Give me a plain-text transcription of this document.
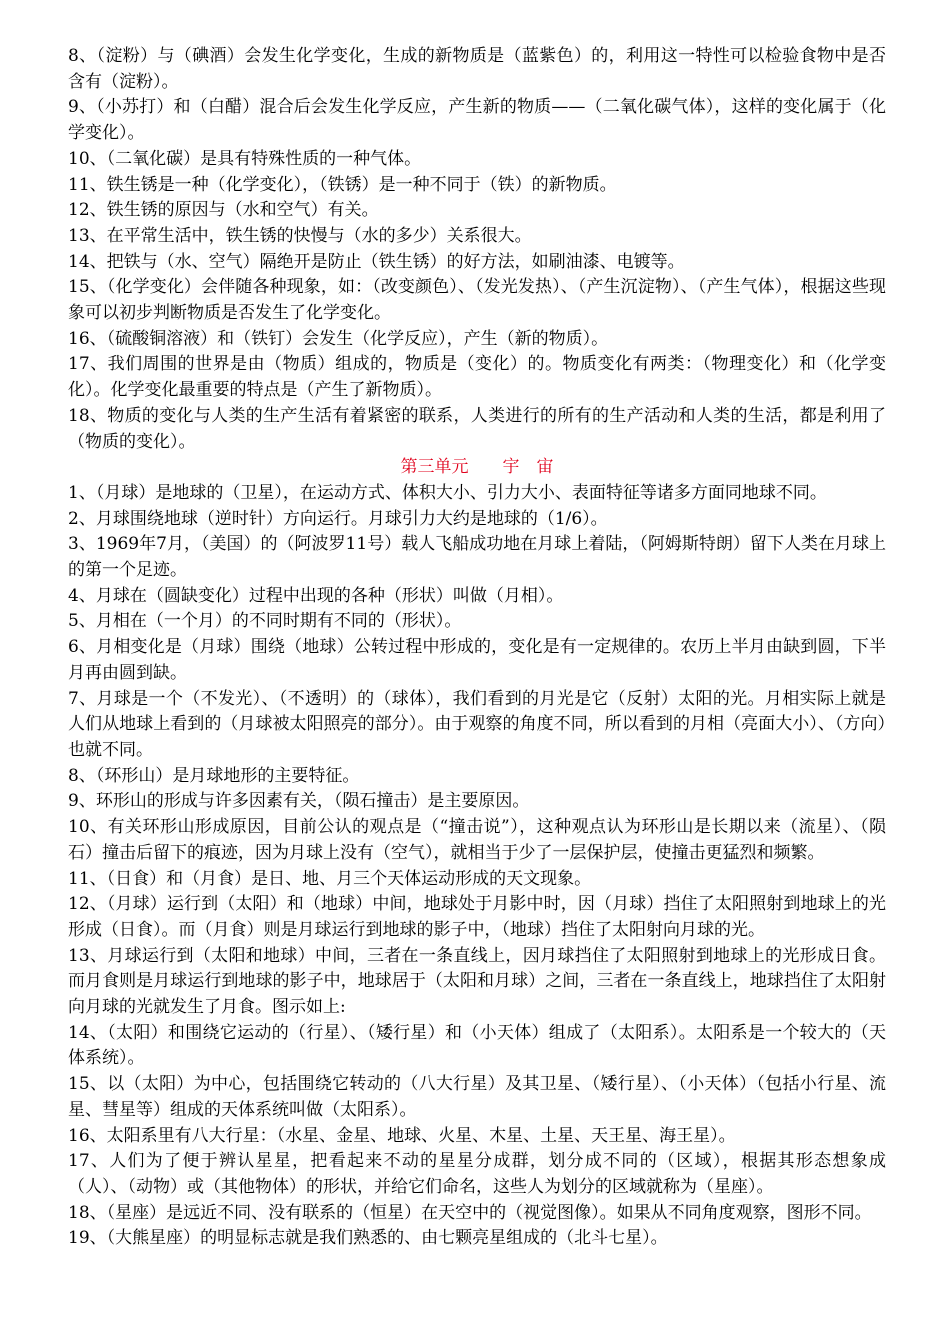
8、（淀粉）与（碘酒）会发生化学变化，生成的新物质是（蓝紫色）的，利用这一特性可以检验食物中是否含有（淀粉）。

9、（小苏打）和（白醋）混合后会发生化学反应，产生新的物质——（二氧化碳气体），这样的变化属于（化学变化）。

10、（二氧化碳）是具有特殊性质的一种气体。

11、铁生锈是一种（化学变化），（铁锈）是一种不同于（铁）的新物质。

12、铁生锈的原因与（水和空气）有关。

13、在平常生活中，铁生锈的快慢与（水的多少）关系很大。

14、把铁与（水、空气）隔绝开是防止（铁生锈）的好方法，如刷油漆、电镀等。

15、（化学变化）会伴随各种现象，如：（改变颜色）、（发光发热）、（产生沉淀物）、（产生气体），根据这些现象可以初步判断物质是否发生了化学变化。

16、（硫酸铜溶液）和（铁钉）会发生（化学反应），产生（新的物质）。

17、我们周围的世界是由（物质）组成的，物质是（变化）的。物质变化有两类：（物理变化）和（化学变化）。化学变化最重要的特点是（产生了新物质）。

18、物质的变化与人类的生产生活有着紧密的联系，人类进行的所有的生产活动和人类的生活，都是利用了（物质的变化）。

第三单元 宇 宙

1、（月球）是地球的（卫星），在运动方式、体积大小、引力大小、表面特征等诸多方面同地球不同。

2、月球围绕地球（逆时针）方向运行。月球引力大约是地球的（1/6）。

3、1969年7月，（美国）的（阿波罗11号）载人飞船成功地在月球上着陆，（阿姆斯特朗）留下人类在月球上的第一个足迹。

4、月球在（圆缺变化）过程中出现的各种（形状）叫做（月相）。

5、月相在（一个月）的不同时期有不同的（形状）。

6、月相变化是（月球）围绕（地球）公转过程中形成的，变化是有一定规律的。农历上半月由缺到圆，下半月再由圆到缺。

7、月球是一个（不发光）、（不透明）的（球体），我们看到的月光是它（反射）太阳的光。月相实际上就是人们从地球上看到的（月球被太阳照亮的部分）。由于观察的角度不同，所以看到的月相（亮面大小）、（方向）也就不同。

8、（环形山）是月球地形的主要特征。

9、环形山的形成与许多因素有关，（陨石撞击）是主要原因。

10、有关环形山形成原因，目前公认的观点是（“撞击说”），这种观点认为环形山是长期以来（流星）、（陨石）撞击后留下的痕迹，因为月球上没有（空气），就相当于少了一层保护层，使撞击更猛烈和频繁。

11、（日食）和（月食）是日、地、月三个天体运动形成的天文现象。

12、（月球）运行到（太阳）和（地球）中间，地球处于月影中时，因（月球）挡住了太阳照射到地球上的光形成（日食）。而（月食）则是月球运行到地球的影子中，（地球）挡住了太阳射向月球的光。

13、月球运行到（太阳和地球）中间，三者在一条直线上，因月球挡住了太阳照射到地球上的光形成日食。而月食则是月球运行到地球的影子中，地球居于（太阳和月球）之间，三者在一条直线上，地球挡住了太阳射向月球的光就发生了月食。图示如上:

14、（太阳）和围绕它运动的（行星）、（矮行星）和（小天体）组成了（太阳系）。太阳系是一个较大的（天体系统）。

15、以（太阳）为中心，包括围绕它转动的（八大行星）及其卫星、（矮行星）、（小天体）（包括小行星、流星、彗星等）组成的天体系统叫做（太阳系）。

16、太阳系里有八大行星：（水星、金星、地球、火星、木星、土星、天王星、海王星）。

17、人们为了便于辨认星星，把看起来不动的星星分成群，划分成不同的（区域），根据其形态想象成（人）、（动物）或（其他物体）的形状，并给它们命名，这些人为划分的区域就称为（星座）。

18、（星座）是远近不同、没有联系的（恒星）在天空中的（视觉图像）。如果从不同角度观察，图形不同。

19、（大熊星座）的明显标志就是我们熟悉的、由七颗亮星组成的（北斗七星）。
